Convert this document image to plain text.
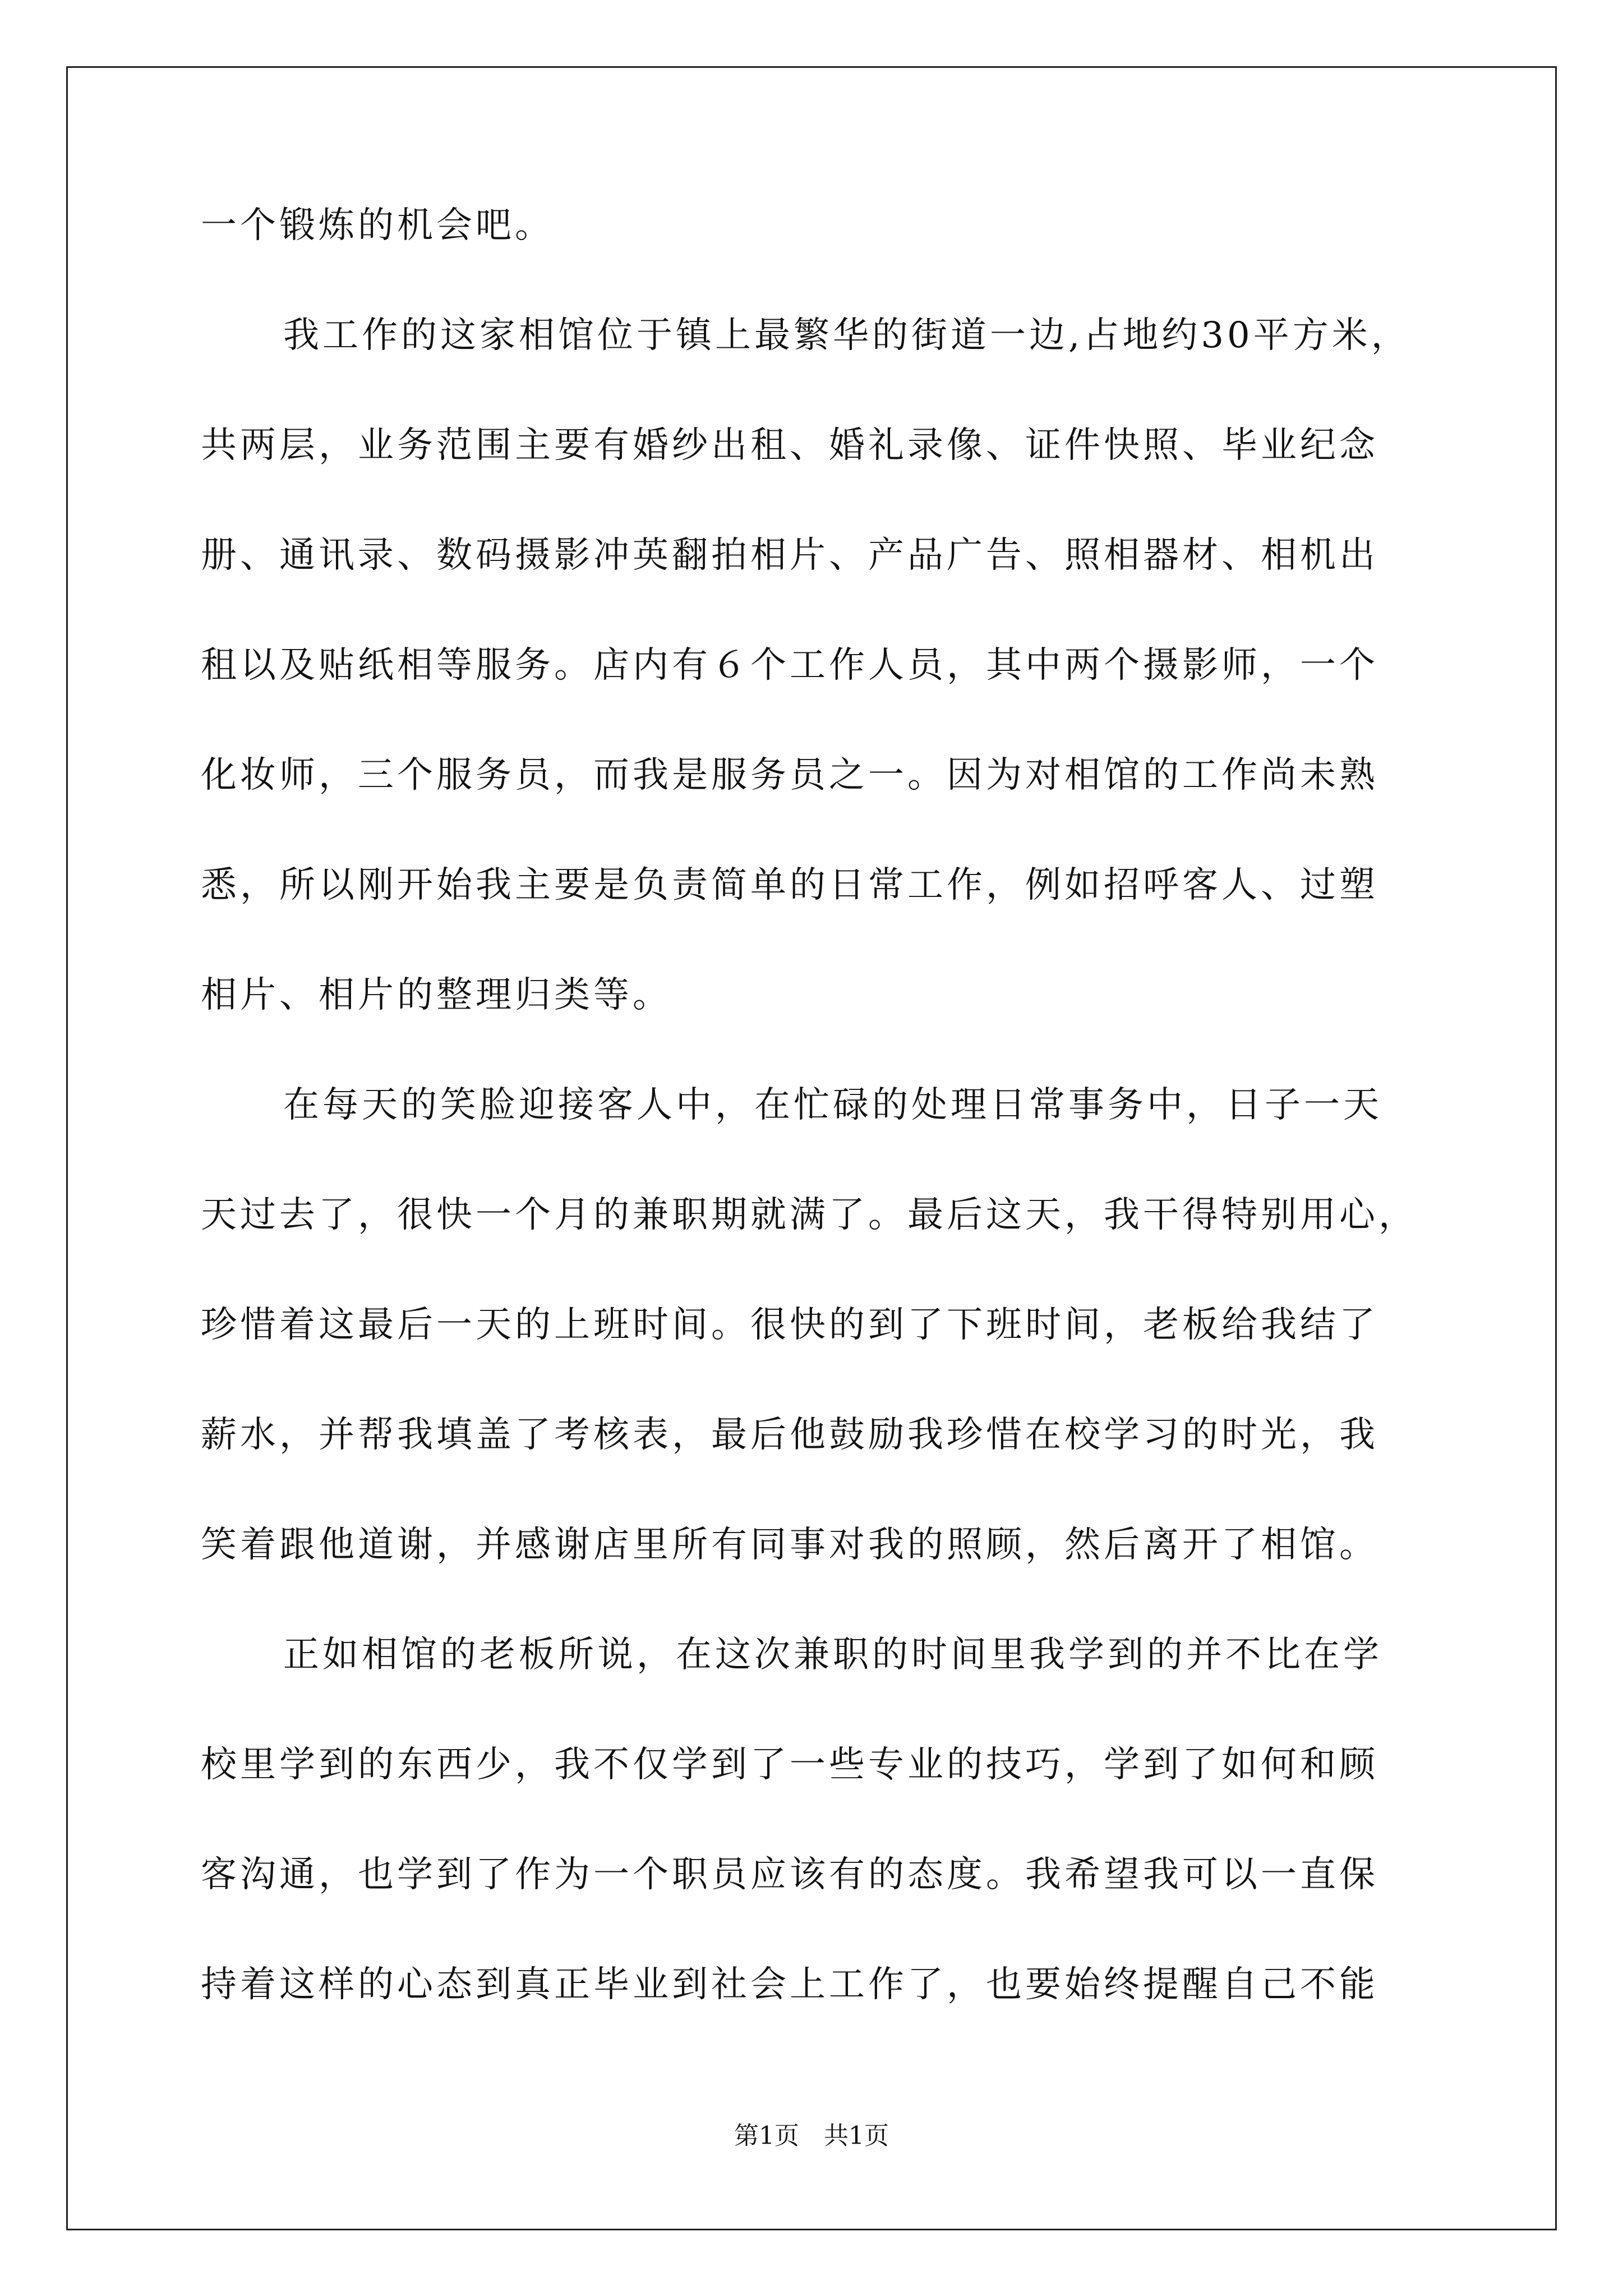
一个锻炼的机会吧。
我工作的这家相馆位于镇上最繁华的街道一边,占地约30平方米，
共两层，业务范围主要有婚纱出租、婚礼录像、证件快照、毕业纪念
册、通讯录、数码摄影冲英翻拍相片、产品广告、照相器材、相机出
租以及贴纸相等服务。店内有６个工作人员，其中两个摄影师，一个
化妆师，三个服务员，而我是服务员之一。因为对相馆的工作尚未熟
悉，所以刚开始我主要是负责简单的日常工作，例如招呼客人、过塑
相片、相片的整理归类等。
在每天的笑脸迎接客人中，在忙碌的处理日常事务中，日子一天
天过去了，很快一个月的兼职期就满了。最后这天，我干得特别用心，
珍惜着这最后一天的上班时间。很快的到了下班时间，老板给我结了
薪水，并帮我填盖了考核表，最后他鼓励我珍惜在校学习的时光，我
笑着跟他道谢，并感谢店里所有同事对我的照顾，然后离开了相馆。
正如相馆的老板所说，在这次兼职的时间里我学到的并不比在学
校里学到的东西少，我不仅学到了一些专业的技巧，学到了如何和顾
客沟通，也学到了作为一个职员应该有的态度。我希望我可以一直保
持着这样的心态到真正毕业到社会上工作了，也要始终提醒自己不能
第1页　共1页
